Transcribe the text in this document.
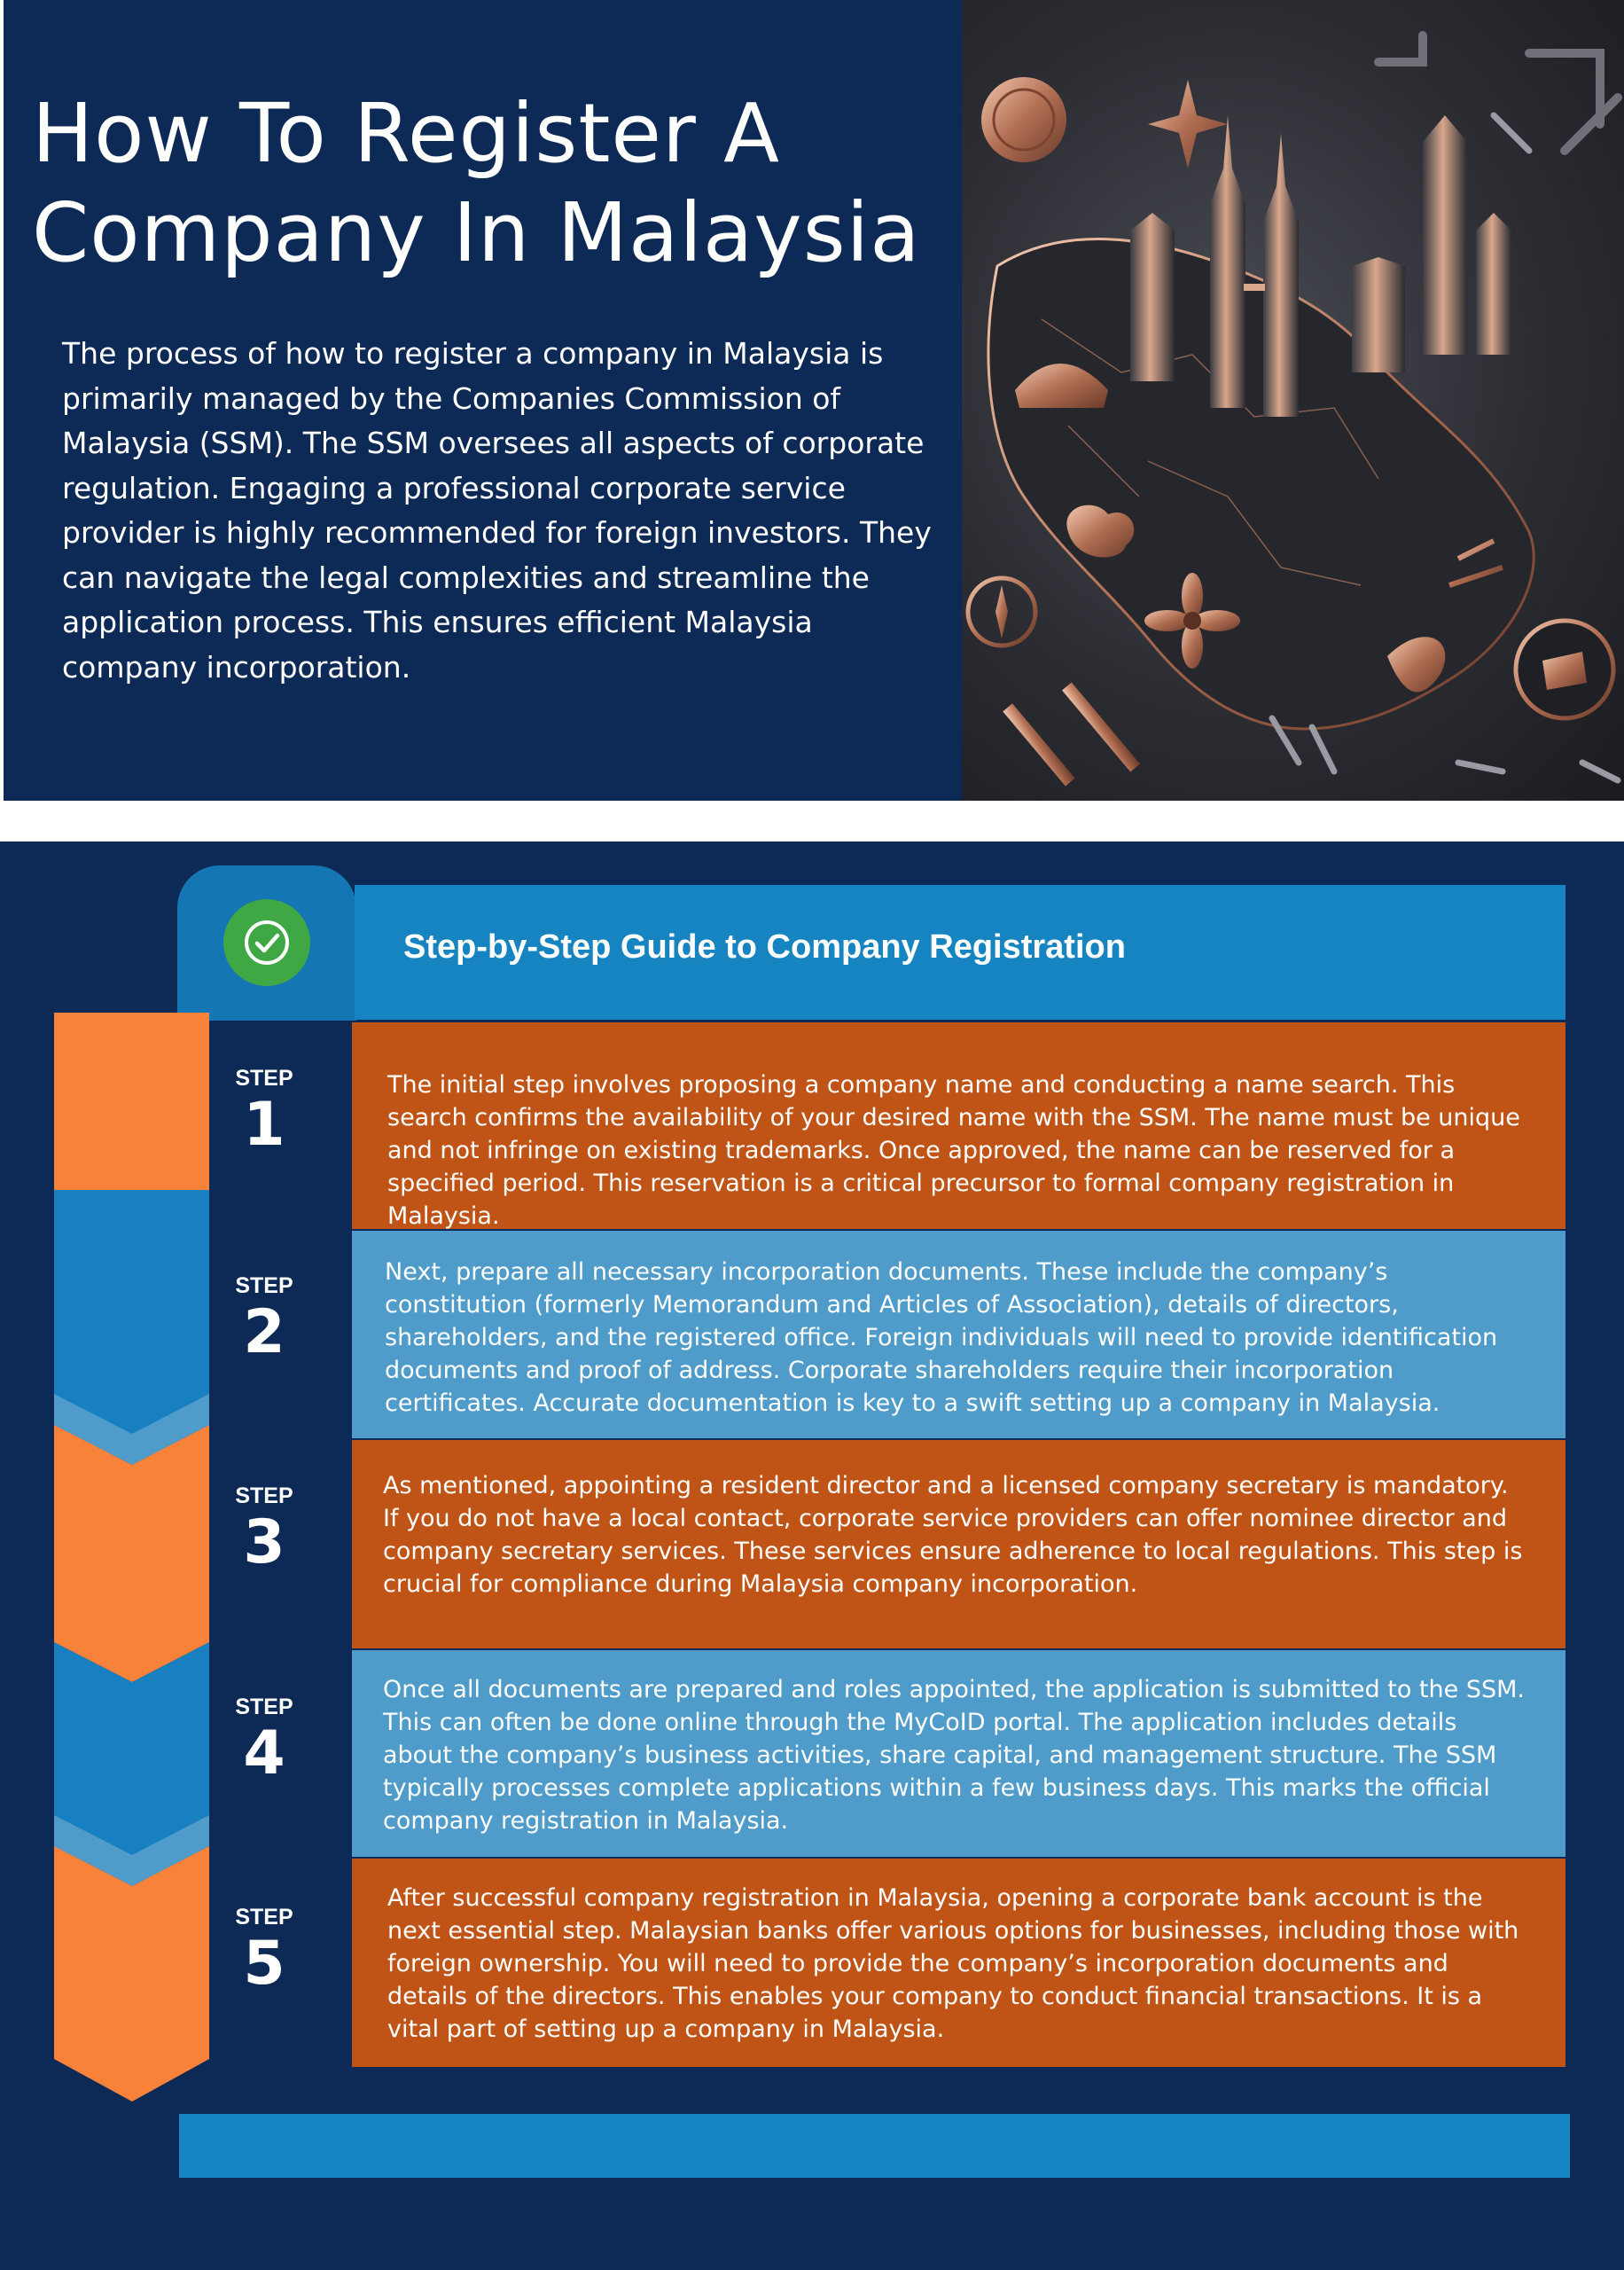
How To Register A
Company In Malaysia

The process of how to register a company in Malaysia is primarily managed by the Companies Commission of Malaysia (SSM). The SSM oversees all aspects of corporate regulation. Engaging a professional corporate service provider is highly recommended for foreign investors. They can navigate the legal complexities and streamline the application process. This ensures efficient Malaysia company incorporation.

Step-by-Step Guide to Company Registration
STEP
1
STEP
2
STEP
3
STEP
4
STEP
5

The initial step involves proposing a company name and conducting a name search. This search confirms the availability of your desired name with the SSM. The name must be unique and not infringe on existing trademarks. Once approved, the name can be reserved for a specified period. This reservation is a critical precursor to formal company registration in Malaysia.

Next, prepare all necessary incorporation documents. These include the company’s constitution (formerly Memorandum and Articles of Association), details of directors, shareholders, and the registered office. Foreign individuals will need to provide identification documents and proof of address. Corporate shareholders require their incorporation certificates. Accurate documentation is key to a swift setting up a company in Malaysia.

As mentioned, appointing a resident director and a licensed company secretary is mandatory. If you do not have a local contact, corporate service providers can offer nominee director and company secretary services. These services ensure adherence to local regulations. This step is crucial for compliance during Malaysia company incorporation.

Once all documents are prepared and roles appointed, the application is submitted to the SSM. This can often be done online through the MyCoID portal. The application includes details about the company’s business activities, share capital, and management structure. The SSM typically processes complete applications within a few business days. This marks the official company registration in Malaysia.

After successful company registration in Malaysia, opening a corporate bank account is the next essential step. Malaysian banks offer various options for businesses, including those with foreign ownership. You will need to provide the company’s incorporation documents and details of the directors. This enables your company to conduct financial transactions. It is a vital part of setting up a company in Malaysia.
